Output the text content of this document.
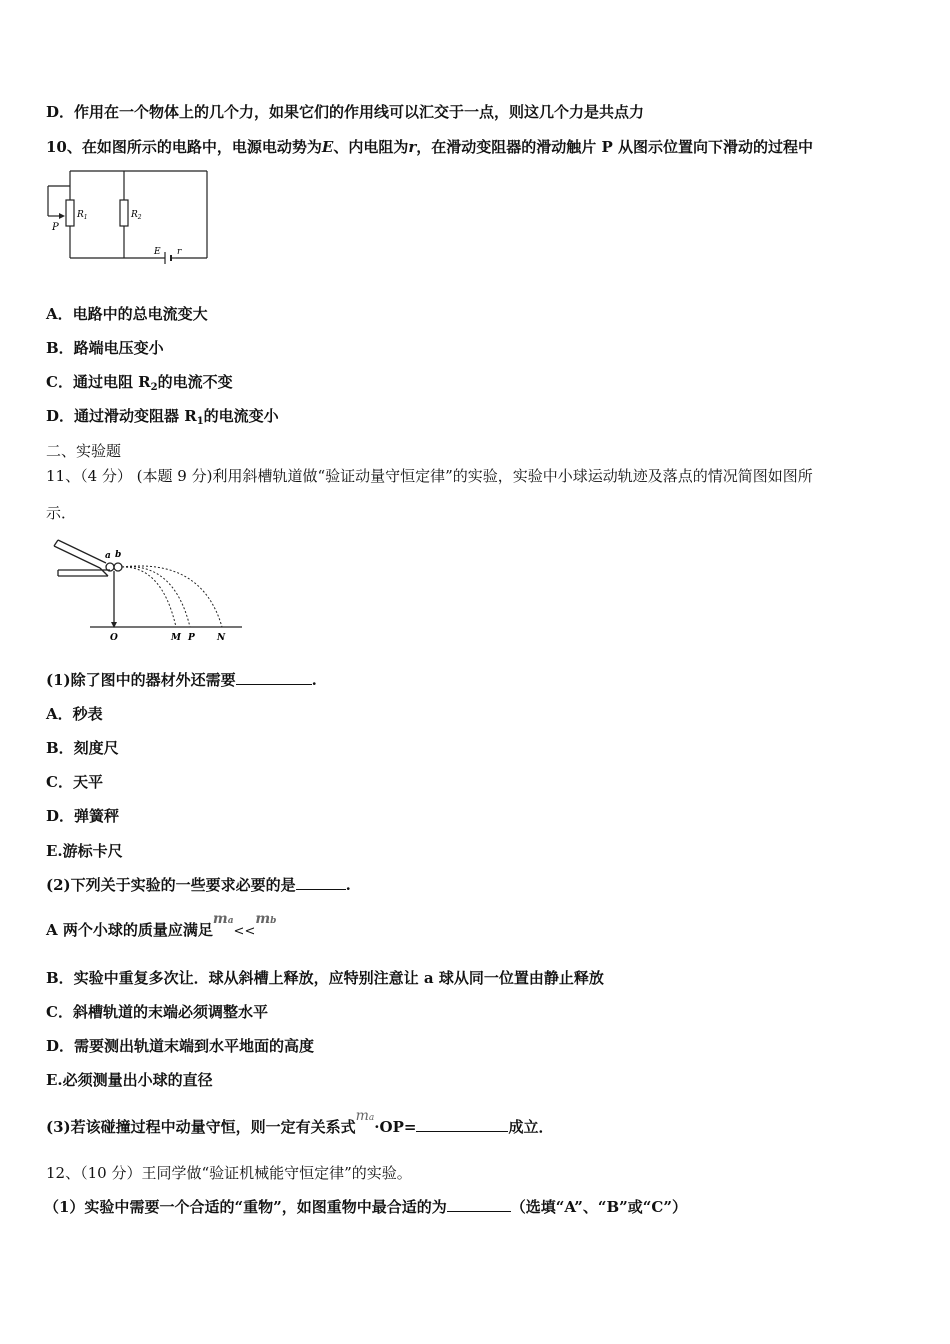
D．作用在一个物体上的几个力，如果它们的作用线可以汇交于一点，则这几个力是共点力
10、在如图所示的电路中，电源电动势为E、内电阻为r，在滑动变阻器的滑动触片 P 从图示位置向下滑动的过程中
P
$R_1$	$R_2$
E r
A．电路中的总电流变大
B．路端电压变小
C．通过电阻 $R_2$的电流不变
D．通过滑动变阻器 $R_1$的电流变小
二、实验题
11、（4 分） (本题 9 分)利用斜槽轨道做“验证动量守恒定律”的实验，实验中小球运动轨迹及落点的情况简图如图所
示．
a b
O	M P N
(1)除了图中的器材外还需要	.
A．秒表
B．刻度尺
C．天平
D．弹簧秤
E.游标卡尺
(2)下列关于实验的一些要求必要的是	.
A 两个小球的质量应满足ma<<mb
B．实验中重复多次让．球从斜槽上释放，应特别注意让 a 球从同一位置由静止释放
C．斜槽轨道的末端必须调整水平
D．需要测出轨道末端到水平地面的高度
E.必须测量出小球的直径
(3)若该碰撞过程中动量守恒，则一定有关系式ma·OP=	成立．
12、（10 分）王同学做“验证机械能守恒定律”的实验。
（1）实验中需要一个合适的“重物”，如图重物中最合适的为	（选填“A”、“B”或“C”）
